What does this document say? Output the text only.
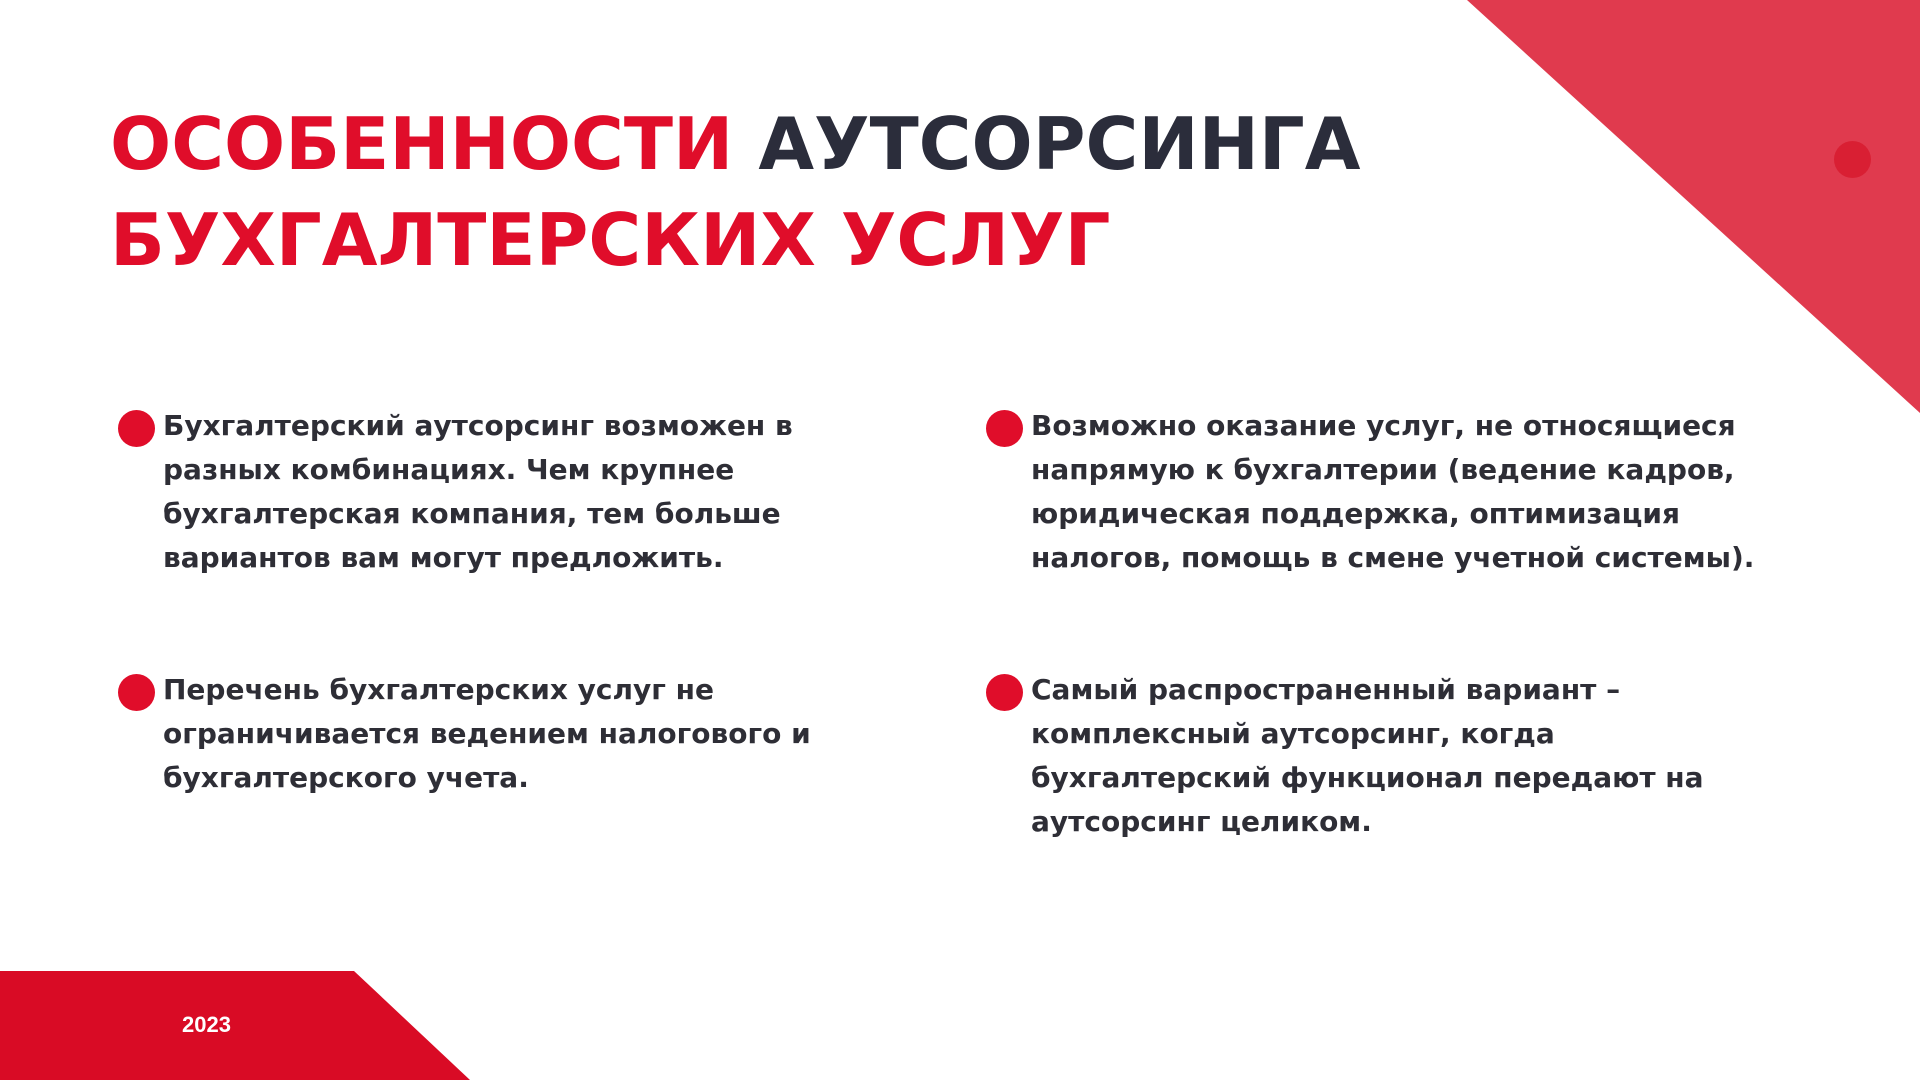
ОСОБЕННОСТИ АУТСОРСИНГА
БУХГАЛТЕРСКИХ УСЛУГ

Бухгалтерский аутсорсинг возможен в разных комбинациях. Чем крупнее бухгалтерская компания, тем больше вариантов вам могут предложить.

Возможно оказание услуг, не относящиеся напрямую к бухгалтерии (ведение кадров, юридическая поддержка, оптимизация налогов, помощь в смене учетной системы).

Перечень бухгалтерских услуг не ограничивается ведением налогового и бухгалтерского учета.

Самый распространенный вариант – комплексный аутсорсинг, когда бухгалтерский функционал передают на аутсорсинг целиком.

2023
